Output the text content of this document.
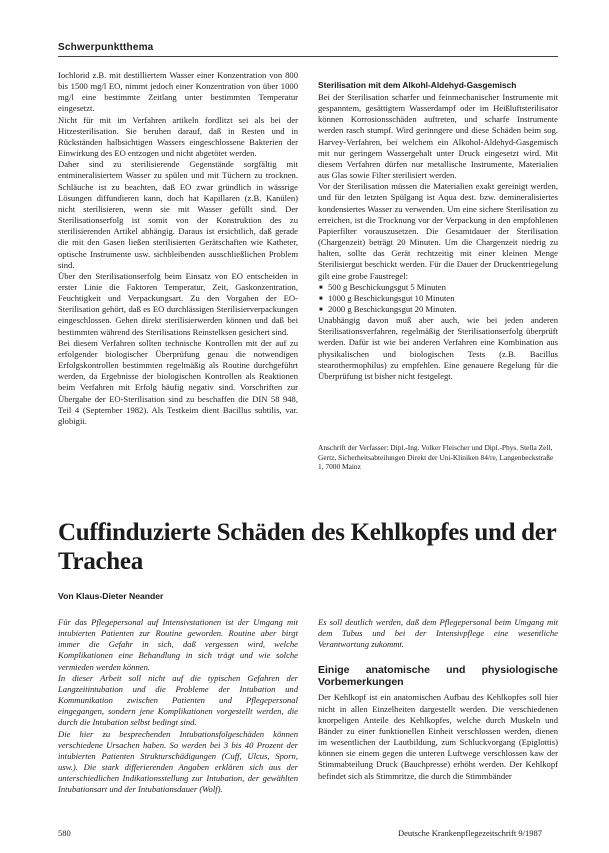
Schwerpunktthema

Iochlorid z.B. mit destilliertem Wasser einer Konzentration von 800 bis 1500 mg/l EO, nimmt jedoch einer Konzentration von über 1000 mg/l eine bestimmte Zeitlang unter bestimmten Temperatur eingesetzt.

Nicht für mit im Verfahren artikeln fordlitzt sei als bei der Hitzesterilisation. Sie beruhen darauf, daß in Resten und in Rückständen halbsichtigen Wassers eingeschlossene Bakterien der Einwirkung des EO entzogen und nicht abgetötet werden.

Daher sind zu sterilisierende Gegenstände sorgfältig mit entmineralisiertem Wasser zu spülen und mit Tüchern zu trocknen. Schläuche ist zu beachten, daß EO zwar gründlich in wässrige Lösungen diffundieren kann, doch hat Kapillaren (z.B. Kanülen) nicht sterilisieren, wenn sie mit Wasser gefüllt sind. Der Sterilisationserfolg ist somit von der Konstruktion des zu sterilisierenden Artikel abhängig. Daraus ist ersichtlich, daß gerade die mit den Gasen ließen sterilisierten Gerätschaften wie Katheter, optische Instrumente usw. sichbleibenden ausschließlichen Problem sind.

Über den Sterilisationserfolg beim Einsatz von EO entscheiden in erster Linie die Faktoren Temperatur, Zeit, Gaskonzentration, Feuchtigkeit und Verpackungsart. Zu den Vorgaben der EO-Sterilisation gehört, daß es EO durchlässigen Sterilisierverpackungen eingeschlossen. Gehen direkt sterilisierwerden können und daß bei bestimmten während des Sterilisations Reinstelksen gesichert sind.

Bei diesem Verfahren sollten technische Kontrollen mit der auf zu erfolgender biologischer Überprüfung genau die notwendigen Erfolgskontrollen bestimmten regelmäßig als Routine durchgeführt werden, da Ergebnisse der biologischen Kontrollen als Reaktionen beim Verfahren mit Erfolg häufig negativ sind. Vorschriften zur Übergabe der EO-Sterilisation sind zu beschaffen die DIN 58 948, Teil 4 (September 1982). Als Testkeim dient Bacillus subtilis, var. globigii.

Sterilisation mit dem Alkohl-Aldehyd-Gasgemisch

Bei der Sterilisation scharfer und feinmechanischer Instrumente mit gespanntem, gesättigtem Wasserdampf oder im Heißluftsterilisator können Korrosionsschäden auftreten, und scharfe Instrumente werden rasch stumpf. Wird gerinngere und diese Schäden beim sog. Harvey-Verfahren, bei welchem ein Alkohol-Aldehyd-Gasgemisch mit nur geringem Wassergehalt unter Druck eingesetzt wird. Mit diesem Verfahren dürfen nur metallische Instrumente, Materialien aus Glas sowie Filter sterilisiert werden.

Vor der Sterilisation müssen die Materialien exakt gereinigt werden, und für den letzten Spülgang ist Aqua dest. bzw. demineralisiertes kondensiertes Wasser zu verwenden. Um eine sichere Sterilisation zu erreichen, ist die Trocknung vor der Verpackung in den empfohlenen Papierfilter vorauszusetzen. Die Gesamtdauer der Sterilisation (Chargenzeit) beträgt 20 Minuten. Um die Chargenzeit niedrig zu halten, sollte das Gerät rechtzeitig mit einer kleinen Menge Sterilisiergut beschickt werden. Für die Dauer der Druckentriegelung gilt eine grobe Faustregel:

■ 500 g Beschickungsgut 5 Minuten
■ 1000 g Beschickungsgut 10 Minuten
■ 2000 g Beschickungsgut 20 Minuten.

Unabhängig davon muß aber auch, wie bei jeden anderen Sterilisationsverfahren, regelmäßig der Sterilisationserfolg überprüft werden. Dafür ist wie bei anderen Verfahren eine Kombination aus physikalischen und biologischen Tests (z.B. Bacillus stearothermophilus) zu empfehlen. Eine genauere Regelung für die Überprüfung ist bisher nicht festgelegt.

Anschrift der Verfasser: Dipl.-Ing. Volker Fleischer und Dipl.-Phys. Stella Zell, Gertz, Sicherheitsabteilungen Direkt der Uni-Kliniken 84/re, Langenbeckstraße 1, 7000 Mainz
Cuffinduzierte Schäden des Kehlkopfes und der Trachea
Von Klaus-Dieter Neander

Für das Pflegepersonal auf Intensivstationen ist der Umgang mit intubierten Patienten zur Routine geworden. Routine aber birgt immer die Gefahr in sich, daß vergessen wird, welche Komplikationen eine Behandlung in sich trägt und wie solche vermieden werden können.

In dieser Arbeit soll nicht auf die typischen Gefahren der Langzeitintubation und die Probleme der Intubation und Kommunikation zwischen Patienten und Pflegepersonal eingegangen, sondern jene Komplikationen vorgestellt werden, die durch die Intubation selbst bedingt sind.

Die hier zu besprechenden Intubationsfolgeschäden können verschiedene Ursachen haben. So werden bei 3 bis 40 Prozent der intubierten Patienten Strukturschädigungen (Cuff, Ulcus, Sporn, usw.). Die stark differierenden Angaben erklären sich aus der unterschiedlichen Indikationsstellung zur Intubation, der gewählten Intubationsart und der Intubationsdauer (Wolf).

Es soll deutlich werden, daß dem Pflegepersonal beim Umgang mit dem Tubus und bei der Intensivpflege eine wesentliche Verantwortung zukommt.

Einige anatomische und physiologische Vorbemerkungen

Der Kehlkopf ist ein anatomischen Aufbau des Kehlkopfes soll hier nicht in allen Einzelheiten dargestellt werden. Die verschiedenen knorpeligen Anteile des Kehlkopfes, welche durch Muskeln und Bänder zu einer funktionellen Einheit verschlossen werden, dienen im wesentlichen der Lautbildung, zum Schluckvorgang (Epiglottis) können sie einem gegen die unteren Luftwege verschlossen kaw der Stimmabteilung Druck (Bauchpresse) erhöht werden. Der Kehlkopf befindet sich als Stimmritze, die durch die Stimmbänder

580	Deutsche Krankenpflegezeitschrift 9/1987
